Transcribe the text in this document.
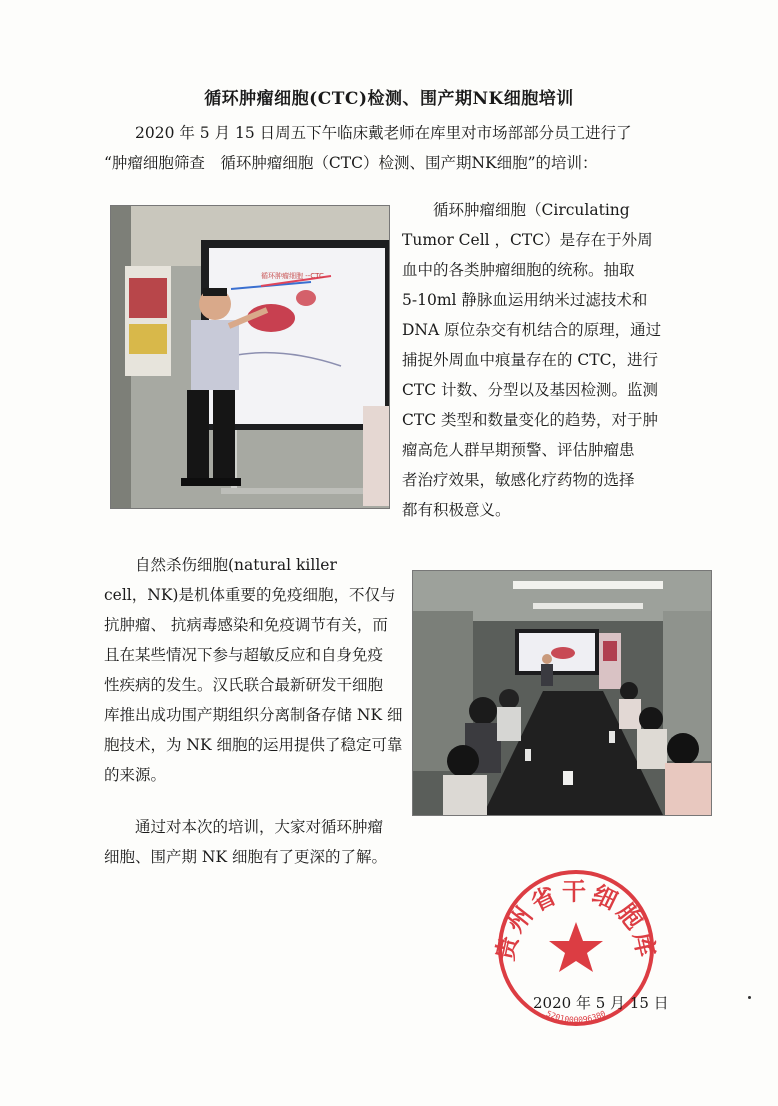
循环肿瘤细胞(CTC)检测、围产期NK细胞培训

2020 年 5 月 15 日周五下午临床戴老师在库里对市场部部分员工进行了
“肿瘤细胞筛查　循环肿瘤细胞（CTC）检测、围产期NK细胞”的培训：

循环肿瘤细胞 --CTC

循环肿瘤细胞（Circulating
Tumor Cell ，CTC）是存在于外周
血中的各类肿瘤细胞的统称。抽取
5-10ml 静脉血运用纳米过滤技术和
DNA 原位杂交有机结合的原理，通过
捕捉外周血中痕量存在的 CTC，进行
CTC 计数、分型以及基因检测。监测
CTC 类型和数量变化的趋势，对于肿
瘤高危人群早期预警、评估肿瘤患
者治疗效果，敏感化疗药物的选择
都有积极意义。

自然杀伤细胞(natural killer
cell，NK)是机体重要的免疫细胞，不仅与
抗肿瘤、 抗病毒感染和免疫调节有关，而
且在某些情况下参与超敏反应和自身免疫
性疾病的发生。汉氏联合最新研发干细胞
库推出成功围产期组织分离制备存储 NK 细
胞技术，为 NK 细胞的运用提供了稳定可靠
的来源。

通过对本次的培训，大家对循环肿瘤
细胞、围产期 NK 细胞有了更深的了解。

贵州省干细胞库
5201000096380
2020 年 5 月 15 日
